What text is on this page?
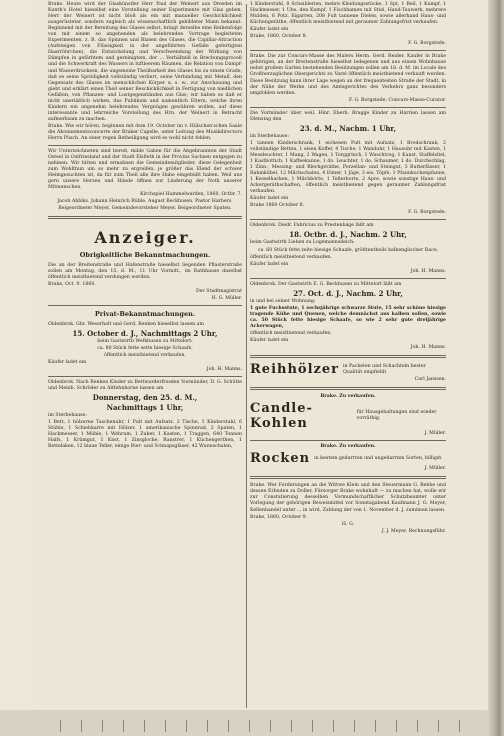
Brake. Heute wird der Glaskünstler Herr Paul der Weinert aus Dresden im Kunth's Hotel hieselbst eine Vorstellung seiner Experimente mit Glas geben. Herr der Weinert ist nicht bloß als ein mit manueller Geschicklichkeit ausgerüsteter, sondern zugleich als wissenschaftlich gebildeter Mann bekannt. Beginnend mit der Bereitung des Glases selbst, bringt derselbe eine Reihenfolge von mit einem so angehenden als belehrenden Vortrage begleiteten Experimenten, z. B. das Spinnen und Blasen des Glases, die Capillar-Attraction (Aufsteigen von Flüssigkeit in der angeführten Gefäße gefertigten Haarröhrchen), die Entwickelung und Verschwendung der Wirkung von Dämpfen in gefärbtem und gereinigtem, der ... Verhältniß in Brechungsproceß und die Schwerkraft des Wassers in luftleerem Räumen, die Relation von Dampf- und Wasserdruckesn, die ungemeine Theilbarkeit des Glases bis zu einem Grade, daß es seine Sprödigkeit vollständig verliert, seine Verbindung mit Metall, den Gegensatz des Glases im menschlichen Körper u. s. w., zur Anschauung und giebt und erklärt einen Theil seiner Beschicklichkeit in Fertigung von niedlichen Gefäßen, von Pflanzen- und Lustgegenständen aus Glas; wir haben es daß er nicht unerläßlich wirken, das Publikum und namentlich Eltern, welche ihren Kindern ein angenehm belehrendes Vergnügen gewähren wollen, auf diese interessante und lehrreiche Vorstellung des Hrn. der Weinert in Betracht aufmerksam zu machen.

Brake. Wie wir hören, beginnen mit dem 19. October im v. Hülschen'schen Saale die Abonnementsconcerte der Braker Capelle, unter Leitung des Musikdirectors Herrn Püsch. An einer regen Betheiligung wird es wohl nicht fehlen.

Wir Unterzeichneten sind bereit, milde Gaben für die Abgebrannten der Stadt Osteel in Ostfriesland und der Stadt Elsfleth in der Provinz Sachsen entgegen zu nehmen. Wir bitten und ermahnen die Gemeindemitglieder, diese Gelegenheit zum Wohlthun um so mehr zu ergreifen, je größer das Elend der schwer Heimgesuchten ist, da für zum Theil alle ihre Habe eingebüßt haben. Weil uns gern unsere Herzen und Hände öffnen zur Linderung der Noth unserer Mitmenschen.

Kirchspiel Hammelwarden, 1860, Octbr. 7.

Jacob Abbiks. Johann Heinrich Rühle. August Beckhusen. Pastor Harbers. Beigeordneter Meyer. Gemeindevorsteher Meyer. Beigeordneter Spaten.

Anzeiger.
Obrigkeitliche Bekanntmachungen.

Die an der Breitenstraße und Hafenstraße hieselbst liegenden Pflasterstraße sollen am Montag, den 15. d. M., 11 Uhr Vormitt., im Rathhause daselbst öffentlich meistbietend verdungen werden.

Brake, Oct. 9. 1860.

Der Stadtmagistrat

H. G. Müller.

Privat-Bekanntmachungen.

Oldenbrok. Gbr. Weserholt und Gerd. Renken hieselbst lassen am

15. October d. J., Nachmittags 2 Uhr,

beim Gastwirth Wefkhusen zu Mittelort:

ca. 80 Stück fette sette hiesige Schaafe,

öffentlich meistbietend verkaufen.

Käufer ladet ein

Joh. H. Manns.

Oldenbrok. Nach Renken Kinder zu Bettwarderfrosden Vormünder, D. G. Schütte und Meinh. Schröder zu Altfehnhorne lassen am

Donnerstag, den 25. d. M.,

Nachmittags 1 Uhr,

im Sterbehause:

1 Bett, 1 hölzerne Taschenuhr, 1 Pult mit Aufsatz, 2 Tische, 1 Kinderstuhl, 6 Stühle, 1 Schiebkarre mit Hölzer, 1 amerikanische Spinnrad, 2 Spaten, 1 Hackmesser, 1 Mühle, 1 Wehrum, 1 Zuber, 1 Kasten, 1 Traggen, 640 Tonnen Halfs, 1 Krümgut, 1 Knst, 1 Zinsglocke, Ranstrer, 1 Küchengerthen, 1 Bettelaken, 12 blaue Teller, einige Bier- und Schnapsgläser, 42 Wunnschalen,

1 Kinderstuhl, 8 Scheiblerien, mehre Kleidungsstücke, 1 Spt, 1 Beil, 1 Kumpf, 1 Hackmesser, 1 Ubs, den Kumpf, 1 Fischhamen mit Stiel, Hand-Tauwerk, mehrere Mulden, 6 Potz. Eigarren, 208 Fuß tannene Dielen, sowie allerhand Haus- und Küchengeräthe, öffentlich meistbietend mit geraumer Zahlungsfrist verkaufen.

Käufer ladet ein

Brake, 1860, October 8.

F. G. Borgstede.

Brake. Die zur Concurs-Masse des Malers Herm. Gerd. Reider, Kaufer in Brake gehörigen, an der Breitenstraße hieselbst belegenen und aus einem Wohnhause nebst großem Garten bestehenden Besitzungen sollen am 18. d. M. im Locale des Großherzoglichen Obergerichts zu Varel öffentlich meistbietend verkauft werden. Diese Besitzung kann ihrer Lage wegen an der frequentesten Straße der Stadt, in der Nähe der Werke und des Amtsgerichtes des Verkehrs ganz besonders empfohlen werden.

F. G. Borgstede, Concurs-Masse-Curator.

Die Vormünder über weil. Hinr. Eberh. Bragge Kinder zu Harrien lassen am Dienstag den

23. d. M., Nachm. 1 Uhr,

im Sterbehause:

1 tannen Kinderschrank, 1 eichenen Pult mit Aufsatz, 1 Brodschrank, 2 vollständige Betten, 1 eisen Koffer, 4 Tische, 1 Wanduhr, 1 Hausuhr mit Kasten, 1 Meseleuchter, 1 Mang, 2 Wagen, 1 Torggrinch, 1 Waschtrog, 1 Kanst, Staffelstiel, 1 Kastbottich, 1 Kaffeekanne, 1 do. Leuchter, 1 do. Schaumer, 1 do. Durchschlag, 1 Zinn-, Messing- und Blechgeräthe, Porzellan- und Steingut, 3 Butterfässer, 1 Rahmkübel, 12 Milchschalen, 4 Eimer, 1 Jäge, 3 eis. Töpfe, 1 Pfannkuchenpfanne, 1 Kesselhacken, 1 Milchbörte, 1 Tellerborte, 2 Apre, sowie sonstige Haus- und Ackergeräthschaften, öffentlich meistbietend gegen geraumer Zahlungsfrist verkaufen.

Käufer ladet ein

Brake 1860 October 8.

F. G. Borgstede.

Oldenbrok. Diedr. Fabricius zu Prestenbäge läßt am

18. Octbr. d. J., Nachm. 2 Uhr,

beim Gastwirth Lieben zu Logemannsdeich:

ca. 60 Stück fette zeite hiesige Schaafe, größtentheils halbenglischer Race,

öffentlich meistbietend verkaufen.

Käufer ladet ein

Joh. H. Manns.

Oldenbrok. Der Gastwirth E. G. Beckhusen zu Mittelort läßt am

27. Oct. d. J., Nachm. 2 Uhr,

in und bei seiner Wohnung:

1 gute Fuchsstute, 1 sechsjährige schwarze Stute, 15 sehr schöne hiesige tragende Kühe und Quenen, welche demnächst aus kalben sollen, sowie ca. 50 Stück fette hiesige Schaafe, so wie 2 sehr gute dreijährige Ackerwagen,

öffentlich meistbietend verkaufen.

Käufer ladet ein

Joh. H. Manns.

Reihhölzer in Packeten und Schachteln bester Qualität empfiehlt

Carl Janssen.

Brake. Zu verkaufen.

Candle-Kohlen
für Hausgehaltungen sind wieder vorräthig.

J. Müller.

Brake. Zu verkaufen.

Rocken in bestem gedarrten und ungedarrten Sorten, billigst.

J. Müller.

Brake. Wer Forderungen an die Wittwe Klein und den Steuermann G. Rebbe und dessen Erbnden zu Doller, Fürsorger Brake wohnhaft — zu machen hat, wolle wir zur Constatierung desselben Vormundschaftlicher Schutzbeamter unter Vorlegung der gehörigen Beweismittel vor Sonntagabend Kaufmann J. G. Meyer, Kellenhandel unter ... in wird, Zahlung der von 1. November d. J. zumimen lassen.

Brake, 1860, October 9.

H. G.

J. J. Meyer, Rechnungsführ.
